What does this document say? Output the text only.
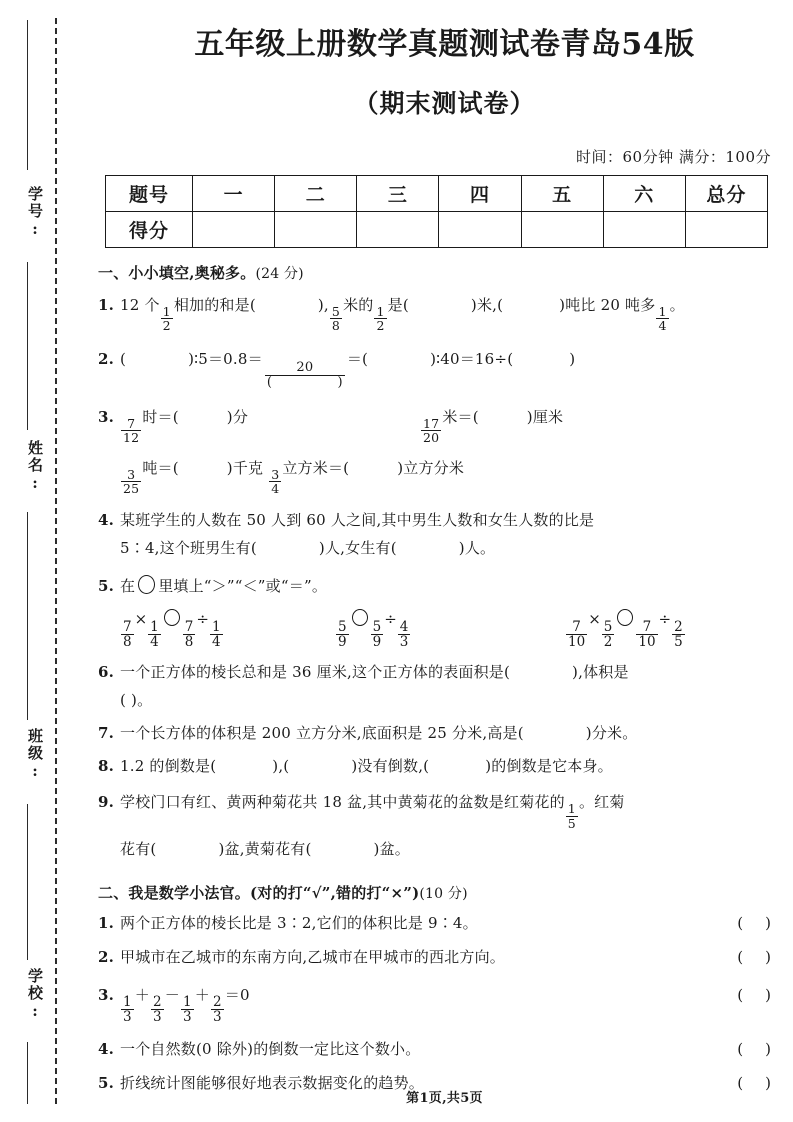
学号:
姓名:
班级:
学校:
五年级上册数学真题测试卷青岛54版
（期末测试卷）

时间：60分钟 满分：100分

题号	一	二	三	四	五	六	总分
得分							

一、小小填空,奥秘多。(24 分)

1. 12 个 $\frac{1}{2}$ 相加的和是(	), $\frac{5}{8}$ 米的 $\frac{1}{2}$ 是(	)米,(	)吨比 20 吨多 $\frac{1}{4}$ 。
2. (	)∶5＝0.8＝
20
(	)
＝(	)∶40＝16÷(	)
3. $\frac{7}{12}$ 时＝(	)分	$\frac{17}{20}$ 米＝(	)厘米
$\frac{3}{25}$ 吨＝(	)千克 $\frac{3}{4}$ 立方米＝(	)立方分米
4. 某班学生的人数在 50 人到 60 人之间,其中男生人数和女生人数的比是
5∶4,这个班男生有(	)人,女生有(	)人。
5. 在 里填上“＞”“＜”或“＝”。
$\frac{7}{8}$
×
$\frac{1}{4} \frac{7}{8}$
÷
$\frac{1}{4}$	$\frac{5}{9} \frac{5}{9}$
÷
$\frac{4}{3}$	$\frac{7}{10}$
×
$\frac{5}{2} \frac{7}{10}$
÷
$\frac{2}{5}$
6. 一个正方体的棱长总和是 36 厘米,这个正方体的表面积是(	),体积是
( )。
7. 一个长方体的体积是 200 立方分米,底面积是 25 分米,高是(	)分米。
8. 1.2 的倒数是(	),(	)没有倒数,(	)的倒数是它本身。
9. 学校门口有红、黄两种菊花共 18 盆,其中黄菊花的盆数是红菊花的 $\frac{1}{5}$ 。红菊
花有(	)盆,黄菊花有(	)盆。

二、我是数学小法官。(对的打“√”,错的打“×”)(10 分)

1. 两个正方体的棱长比是 3∶2,它们的体积比是 9∶4。	( )
2. 甲城市在乙城市的东南方向,乙城市在甲城市的西北方向。	( )
3.
$\frac{1}{3}$
＋
$\frac{2}{3}$
－
$\frac{1}{3}$
＋
$\frac{2}{3}$
＝0	( )
4. 一个自然数(0 除外)的倒数一定比这个数小。	( )
5. 折线统计图能够很好地表示数据变化的趋势。	( )
第1页,共5页
